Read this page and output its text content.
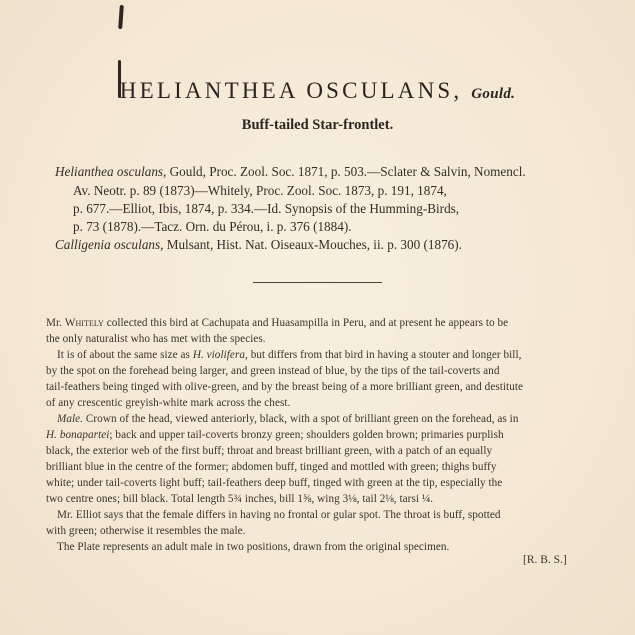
HELIANTHEA OSCULANS, Gould.
Buff-tailed Star-frontlet.
Helianthea osculans, Gould, Proc. Zool. Soc. 1871, p. 503.—Sclater & Salvin, Nomencl.
Av. Neotr. p. 89 (1873)—Whitely, Proc. Zool. Soc. 1873, p. 191, 1874,
p. 677.—Elliot, Ibis, 1874, p. 334.—Id. Synopsis of the Humming-Birds,
p. 73 (1878).—Tacz. Orn. du Pérou, i. p. 376 (1884).
Calligenia osculans, Mulsant, Hist. Nat. Oiseaux-Mouches, ii. p. 300 (1876).
Mr. Whitely collected this bird at Cachupata and Huasampilla in Peru, and at present he appears to be
the only naturalist who has met with the species.
It is of about the same size as H. violifera, but differs from that bird in having a stouter and longer bill,
by the spot on the forehead being larger, and green instead of blue, by the tips of the tail-coverts and
tail-feathers being tinged with olive-green, and by the breast being of a more brilliant green, and destitute
of any crescentic greyish-white mark across the chest.
Male. Crown of the head, viewed anteriorly, black, with a spot of brilliant green on the forehead, as in
H. bonapartei; back and upper tail-coverts bronzy green; shoulders golden brown; primaries purplish
black, the exterior web of the first buff; throat and breast brilliant green, with a patch of an equally
brilliant blue in the centre of the former; abdomen buff, tinged and mottled with green; thighs buffy
white; under tail-coverts light buff; tail-feathers deep buff, tinged with green at the tip, especially the
two centre ones; bill black. Total length 5¾ inches, bill 1⅝, wing 3⅛, tail 2⅛, tarsi ¼.
Mr. Elliot says that the female differs in having no frontal or gular spot. The throat is buff, spotted
with green; otherwise it resembles the male.
The Plate represents an adult male in two positions, drawn from the original specimen.
[R. B. S.]
